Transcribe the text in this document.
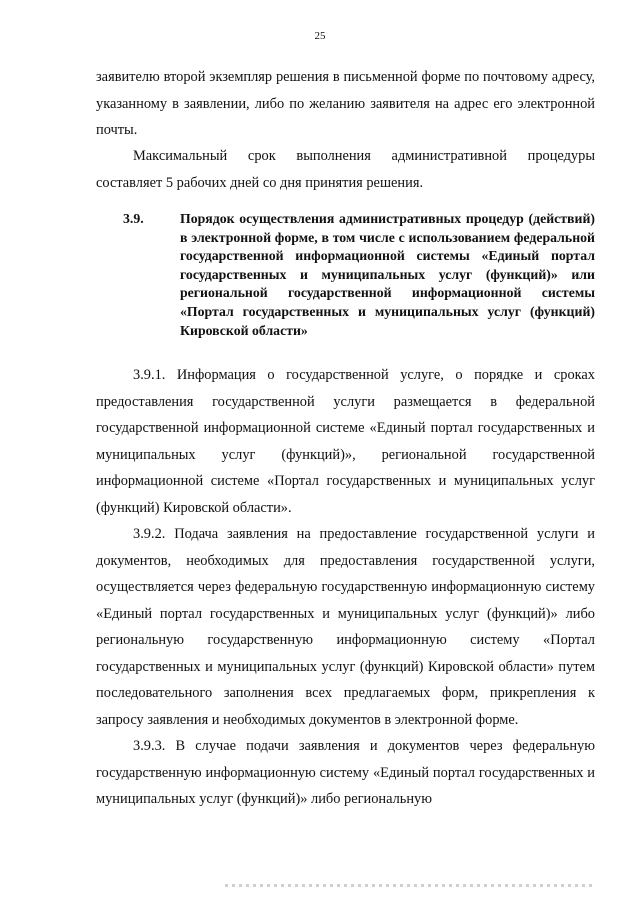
25

заявителю второй экземпляр решения в письменной форме по почтовому адресу, указанному в заявлении, либо по желанию заявителя на адрес его электронной почты.

Максимальный срок выполнения административной процедуры составляет 5 рабочих дней со дня принятия решения.

3.9.	Порядок осуществления административных процедур (действий) в электронной форме, в том числе с использованием федеральной государственной информационной системы «Единый портал государственных и муниципальных услуг (функций)» или региональной государственной информационной системы «Портал государственных и муниципальных услуг (функций) Кировской области»

3.9.1. Информация о государственной услуге, о порядке и сроках предоставления государственной услуги размещается в федеральной государственной информационной системе «Единый портал государственных и муниципальных услуг (функций)», региональной государственной информационной системе «Портал государственных и муниципальных услуг (функций) Кировской области».

3.9.2. Подача заявления на предоставление государственной услуги и документов, необходимых для предоставления государственной услуги, осуществляется через федеральную государственную информационную систему «Единый портал государственных и муниципальных услуг (функций)» либо региональную государственную информационную систему «Портал государственных и муниципальных услуг (функций) Кировской области» путем последовательного заполнения всех предлагаемых форм, прикрепления к запросу заявления и необходимых документов в электронной форме.

3.9.3. В случае подачи заявления и документов через федеральную государственную информационную систему «Единый портал государственных и муниципальных услуг (функций)» либо региональную
